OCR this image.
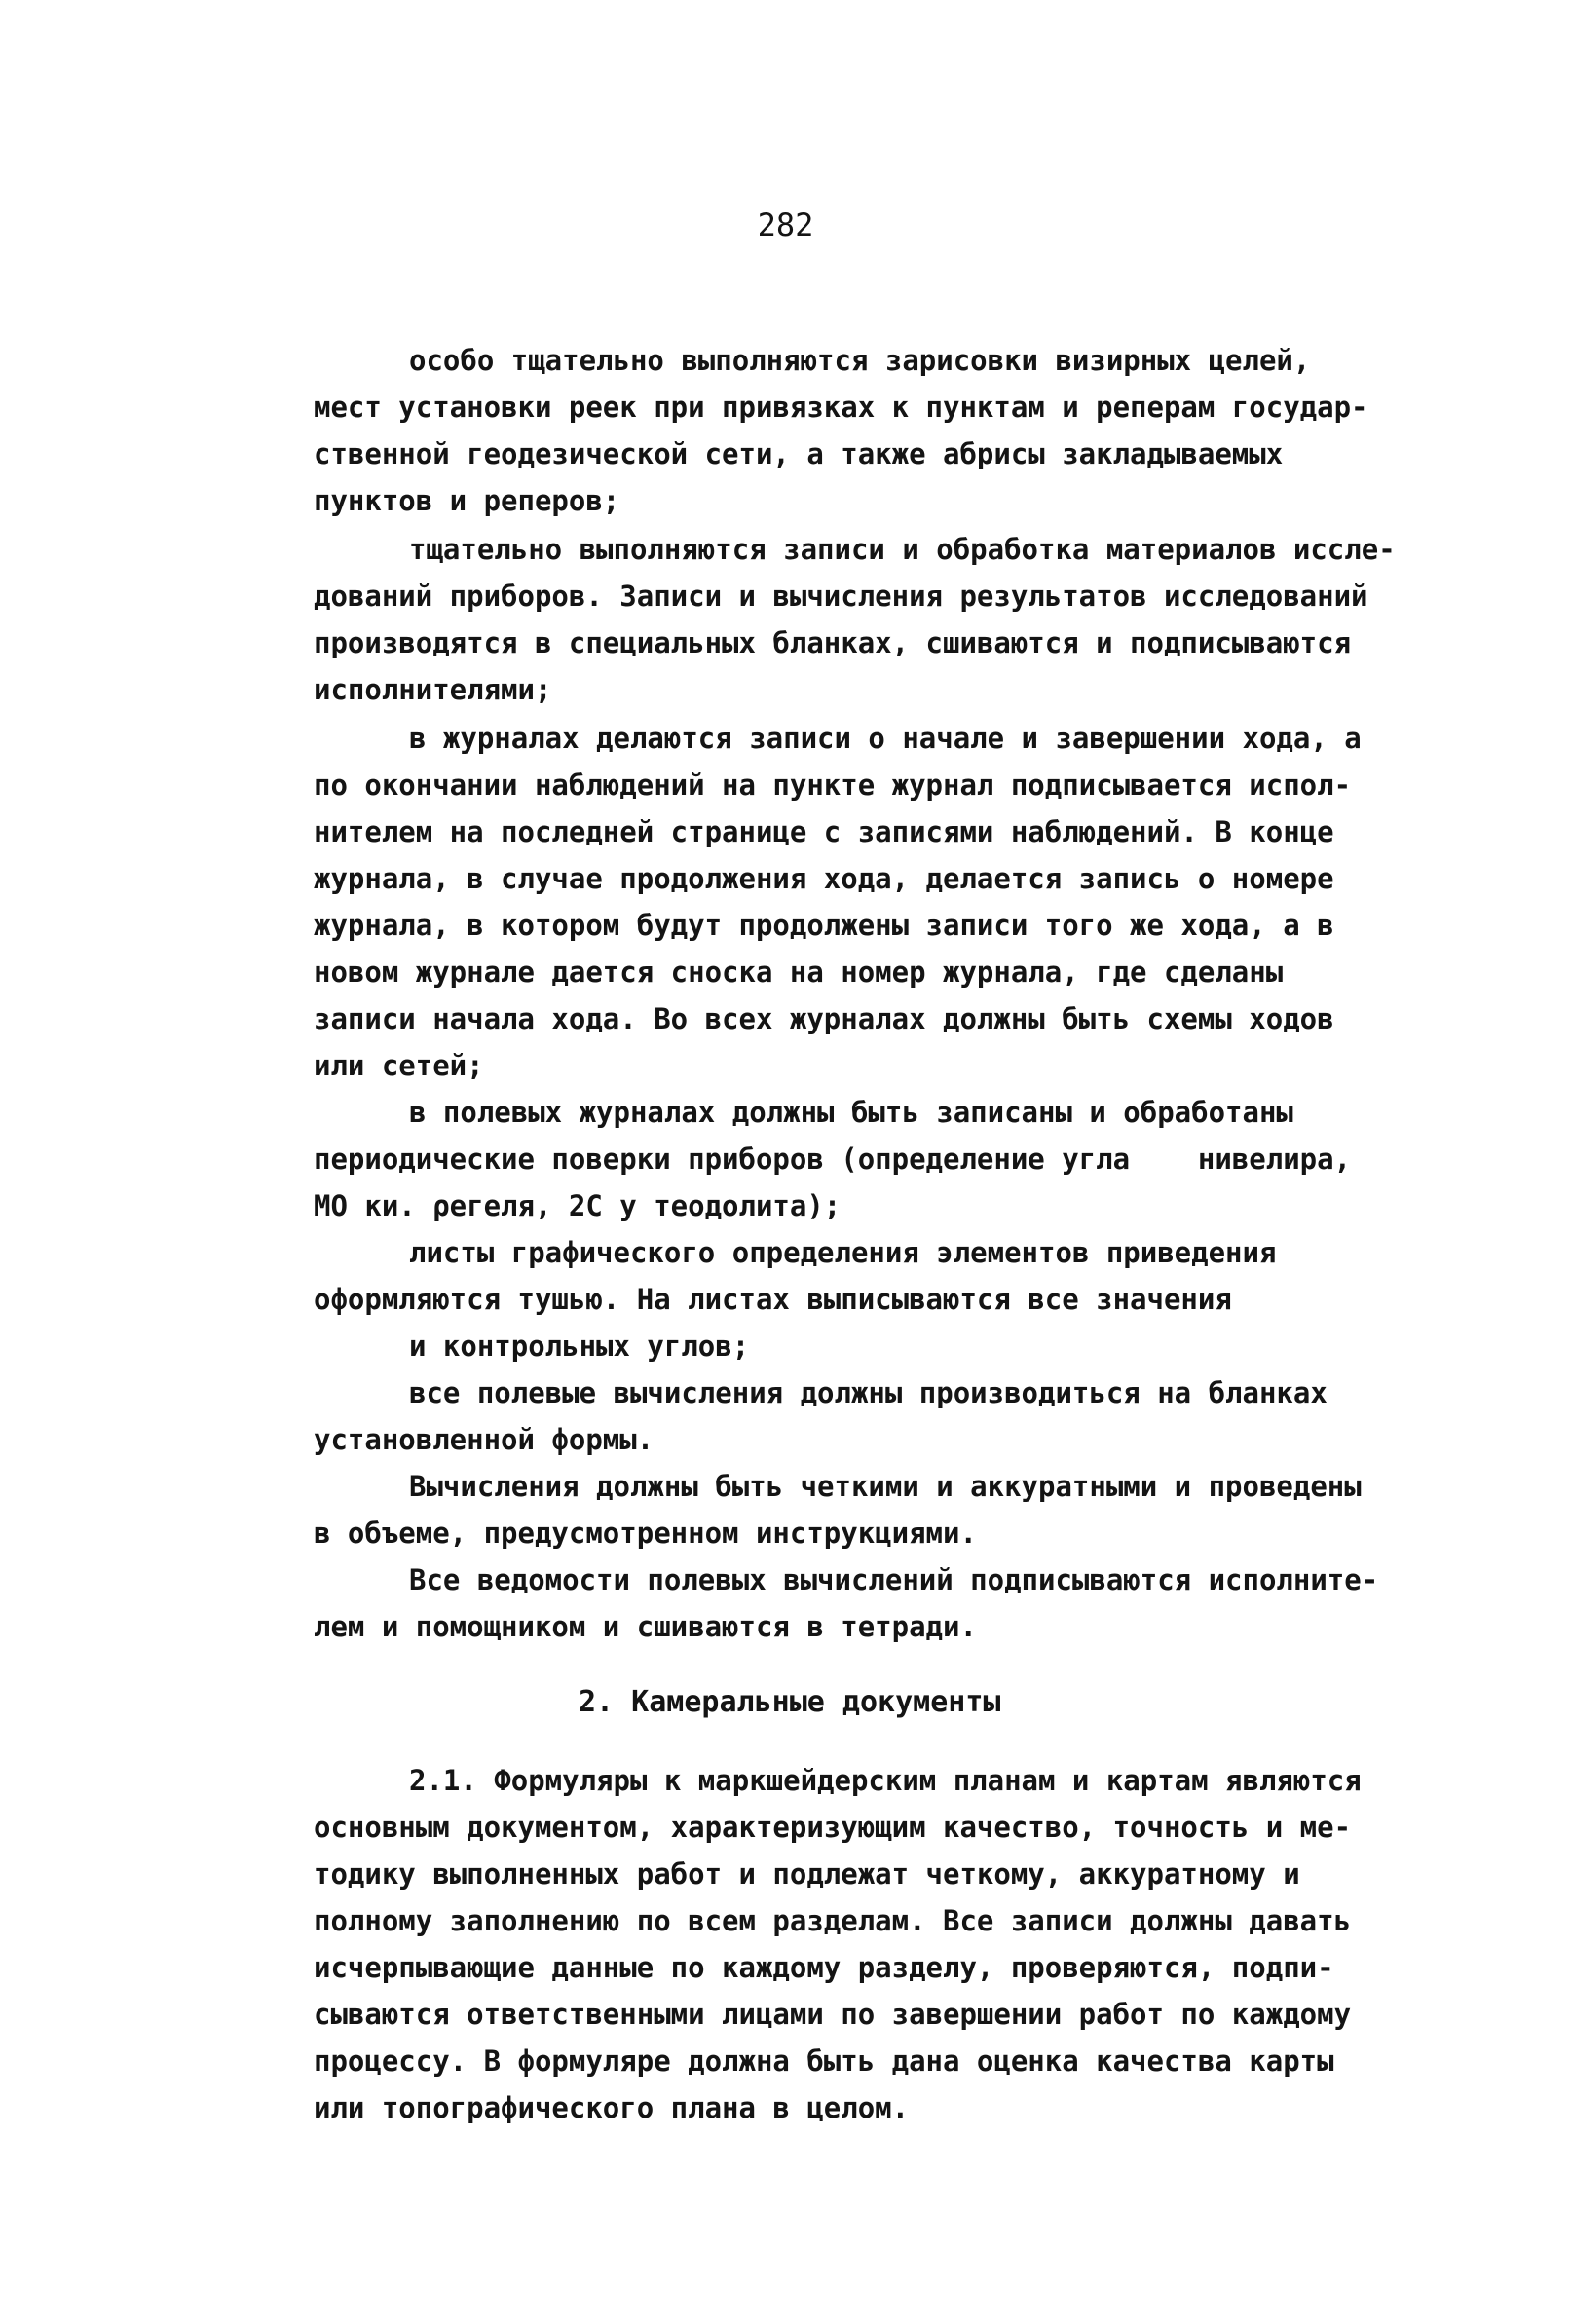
282
особо тщательно выполняются зарисовки визирных целей,
мест установки реек при привязках к пунктам и реперам государ-
ственной геодезической сети, а также абрисы закладываемых
пунктов и реперов;
тщательно выполняются записи и обработка материалов иссле-
дований приборов. Записи и вычисления результатов исследований
производятся в специальных бланках, сшиваются и подписываются
исполнителями;
в журналах делаются записи о начале и завершении хода, а
по окончании наблюдений на пункте журнал подписывается испол-
нителем на последней странице с записями наблюдений. В конце
журнала, в случае продолжения хода, делается запись о номере
журнала, в котором будут продолжены записи того же хода, а в
новом журнале дается сноска на номер журнала, где сделаны
записи начала хода. Во всех журналах должны быть схемы ходов
или сетей;
в полевых журналах должны быть записаны и обработаны
периодические поверки приборов (определение угла    нивелира,
МО ки. ρегеля, 2С у теодолита);
листы графического определения элементов приведения
оформляются тушью. На листах выписываются все значения
и контрольных углов;
все полевые вычисления должны производиться на бланках
установленной формы.
Вычисления должны быть четкими и аккуратными и проведены
в объеме, предусмотренном инструкциями.
Все ведомости полевых вычислений подписываются исполните-
лем и помощником и сшиваются в тетради.
2. Камеральные документы
2.1. Формуляры к маркшейдерским планам и картам являются
основным документом, характеризующим качество, точность и ме-
тодику выполненных работ и подлежат четкому, аккуратному и
полному заполнению по всем разделам. Все записи должны давать
исчерпывающие данные по каждому разделу, проверяются, подпи-
сываются ответственными лицами по завершении работ по каждому
процессу. В формуляре должна быть дана оценка качества карты
или топографического плана в целом.
